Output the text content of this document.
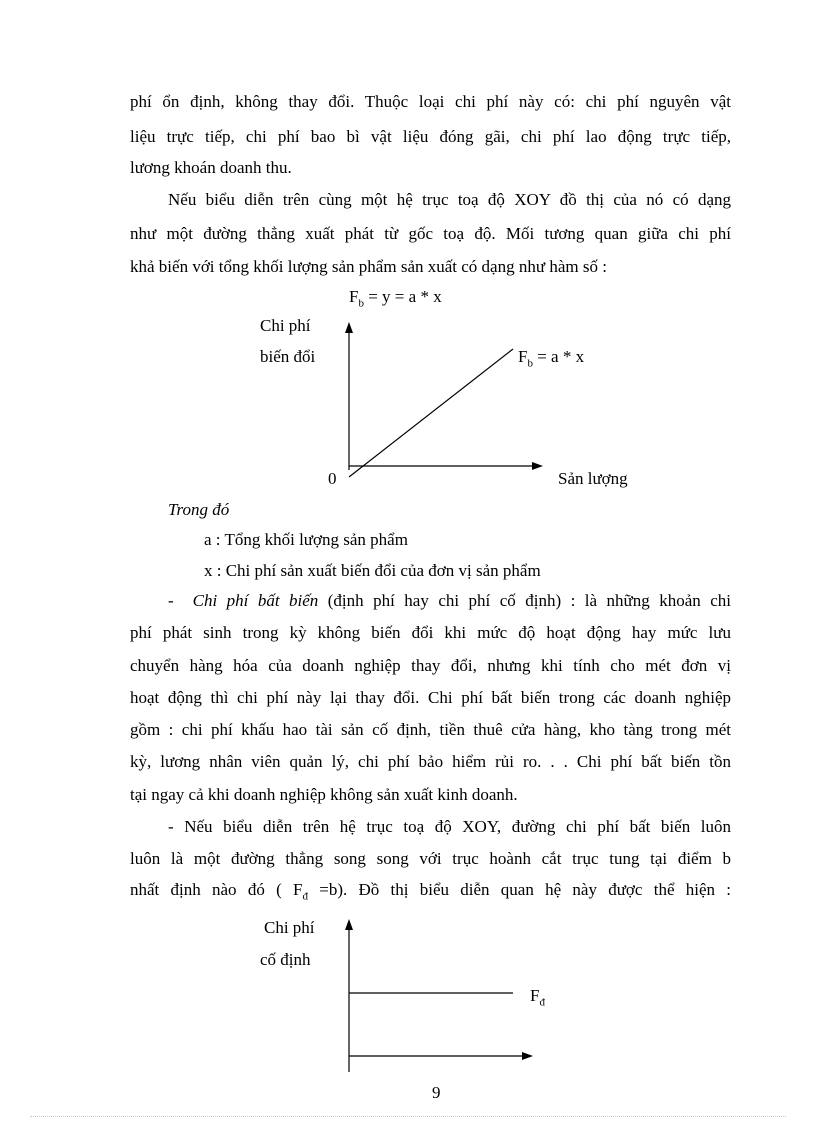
phí ổn định, không thay đổi. Thuộc loại chi phí này có: chi phí nguyên vật
liệu trực tiếp, chi phí bao bì vật liệu đóng gãi, chi phí lao động trực tiếp,
lương khoán doanh thu.
Nếu biểu diễn trên cùng một hệ trục toạ độ XOY đồ thị của nó có dạng
như một đường thẳng xuất phát từ gốc toạ độ. Mối tương quan giữa chi phí
khả biến với tổng khối lượng sản phẩm sản xuất có dạng như hàm số :
$F_b = y = a * x$
Chi phí
biến đổi	$F_b = a * x$
0	Sản lượng
Trong đó
a : Tổng khối lượng sản phẩm
x : Chi phí sản xuất biến đổi của đơn vị sản phẩm
- Chi phí bất biến (định phí hay chi phí cố định) : là những khoản chi
phí phát sinh trong kỳ không biến đổi khi mức độ hoạt động hay mức lưu
chuyển hàng hóa của doanh nghiệp thay đổi, nhưng khi tính cho mét đơn vị
hoạt động thì chi phí này lại thay đổi. Chi phí bất biến trong các doanh nghiệp
gồm : chi phí khấu hao tài sản cố định, tiền thuê cửa hàng, kho tàng trong mét
kỳ, lương nhân viên quản lý, chi phí bảo hiểm rủi ro. . . Chi phí bất biến tồn
tại ngay cả khi doanh nghiệp không sản xuất kinh doanh.
- Nếu biểu diễn trên hệ trục toạ độ XOY, đường chi phí bất biến luôn
luôn là một đường thẳng song song với trục hoành cắt trục tung tại điểm b
nhất định nào đó ( $F_đ =b$). Đồ thị biểu diễn quan hệ này được thể hiện :
Chi phí
cố định
$F_đ$
9
